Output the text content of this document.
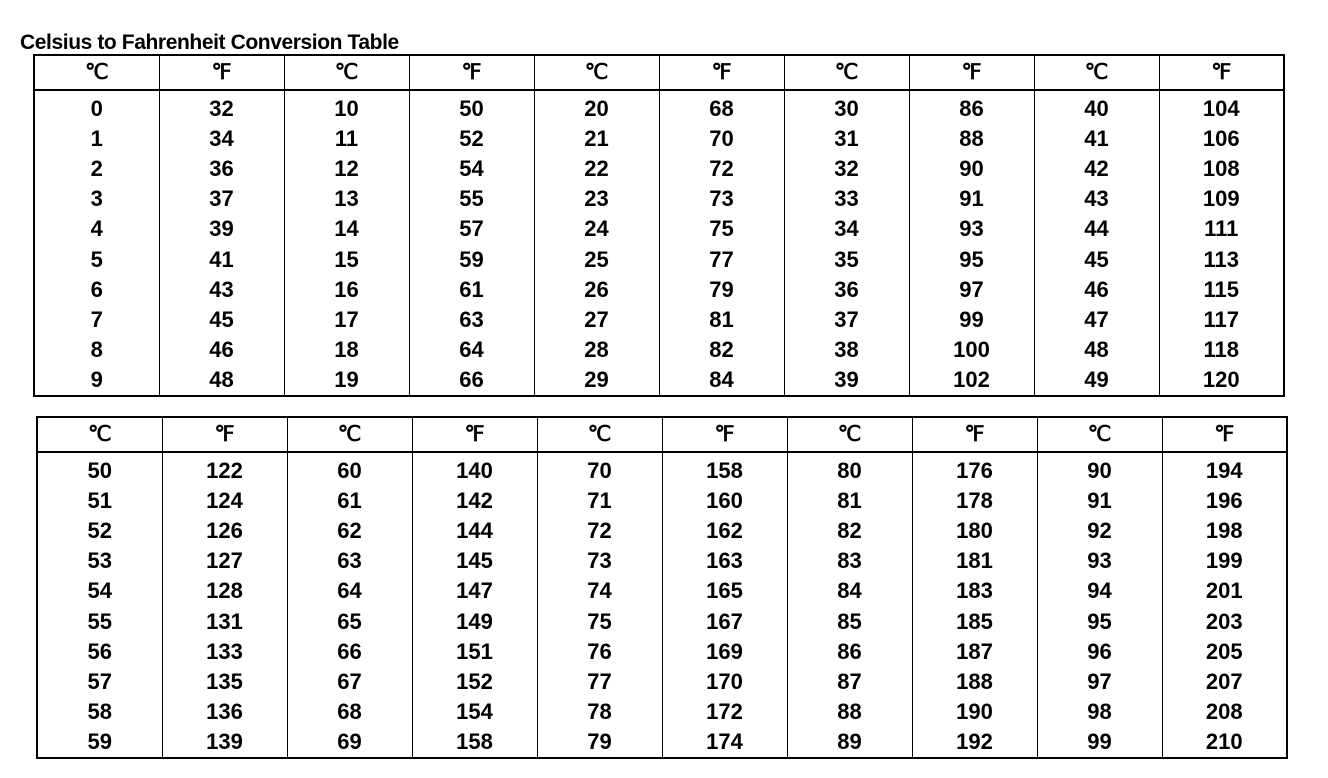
Celsius to Fahrenheit Conversion Table
℃	℉	℃	℉	℃	℉	℃	℉	℃	℉
0	32	10	50	20	68	30	86	40	104
1	34	11	52	21	70	31	88	41	106
2	36	12	54	22	72	32	90	42	108
3	37	13	55	23	73	33	91	43	109
4	39	14	57	24	75	34	93	44	111
5	41	15	59	25	77	35	95	45	113
6	43	16	61	26	79	36	97	46	115
7	45	17	63	27	81	37	99	47	117
8	46	18	64	28	82	38	100	48	118
9	48	19	66	29	84	39	102	49	120
℃	℉	℃	℉	℃	℉	℃	℉	℃	℉
50	122	60	140	70	158	80	176	90	194
51	124	61	142	71	160	81	178	91	196
52	126	62	144	72	162	82	180	92	198
53	127	63	145	73	163	83	181	93	199
54	128	64	147	74	165	84	183	94	201
55	131	65	149	75	167	85	185	95	203
56	133	66	151	76	169	86	187	96	205
57	135	67	152	77	170	87	188	97	207
58	136	68	154	78	172	88	190	98	208
59	139	69	158	79	174	89	192	99	210
